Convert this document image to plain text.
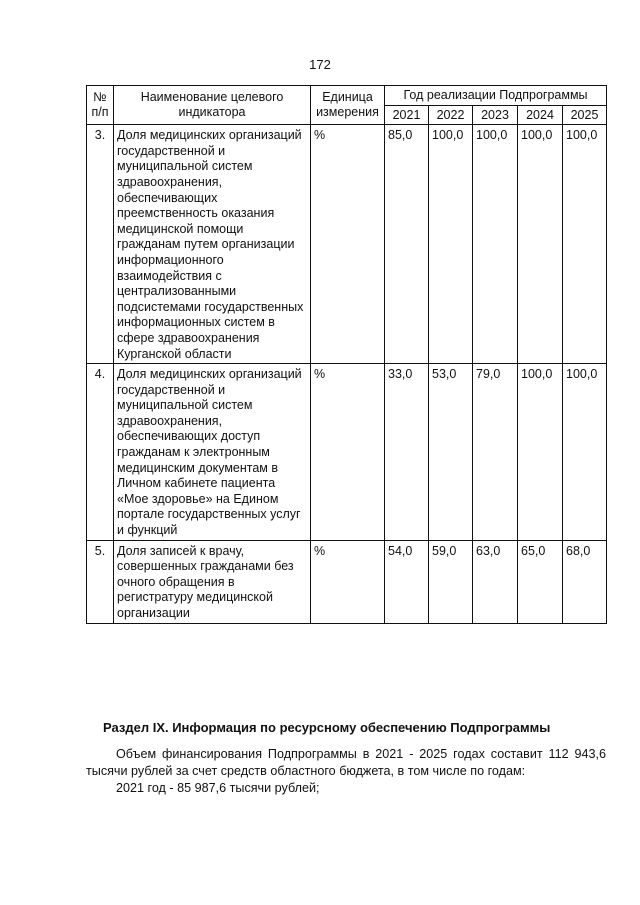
172
№ п/п	Наименование целевого индикатора	Единица измерения	Год реализации Подпрограммы				
			2021	2022	2023	2024	2025
3.	Доля медицинских организаций государственной и муниципальной систем здравоохранения, обеспечивающих преемственность оказания медицинской помощи гражданам путем организации информационного взаимодействия с централизованными подсистемами государственных информационных систем в сфере здравоохранения Курганской области	%	85,0	100,0	100,0	100,0	100,0
4.	Доля медицинских организаций государственной и муниципальной систем здравоохранения, обеспечивающих доступ гражданам к электронным медицинским документам в Личном кабинете пациента «Мое здоровье» на Едином портале государственных услуг и функций	%	33,0	53,0	79,0	100,0	100,0
5.	Доля записей к врачу, совершенных гражданами без очного обращения в регистратуру медицинской организации	%	54,0	59,0	63,0	65,0	68,0
Раздел IX. Информация по ресурсному обеспечению Подпрограммы
Объем финансирования Подпрограммы в 2021 - 2025 годах составит 112 943,6 тысячи рублей за счет средств областного бюджета, в том числе по годам:
2021 год - 85 987,6 тысячи рублей;
